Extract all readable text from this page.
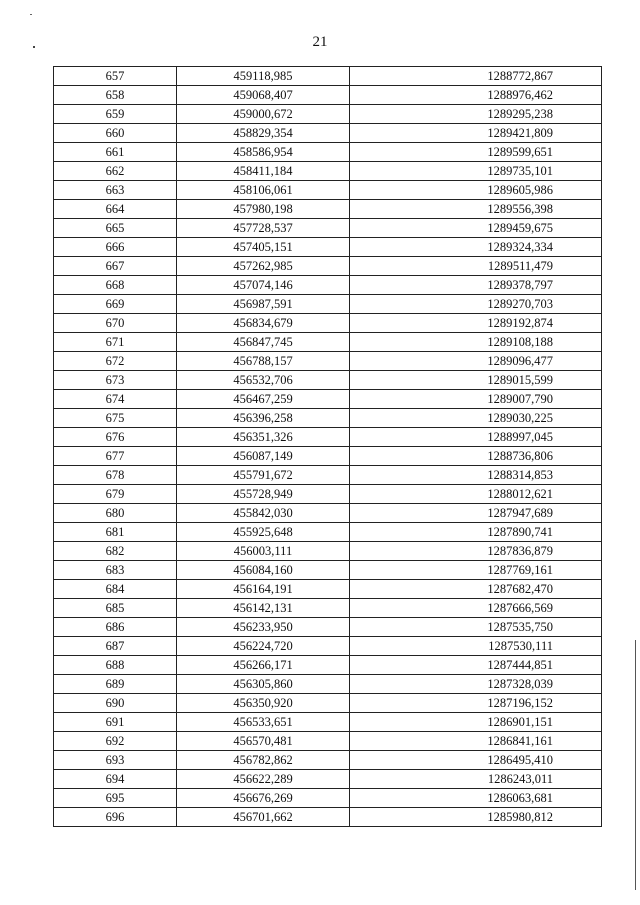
21
657	459118,985	1288772,867
658	459068,407	1288976,462
659	459000,672	1289295,238
660	458829,354	1289421,809
661	458586,954	1289599,651
662	458411,184	1289735,101
663	458106,061	1289605,986
664	457980,198	1289556,398
665	457728,537	1289459,675
666	457405,151	1289324,334
667	457262,985	1289511,479
668	457074,146	1289378,797
669	456987,591	1289270,703
670	456834,679	1289192,874
671	456847,745	1289108,188
672	456788,157	1289096,477
673	456532,706	1289015,599
674	456467,259	1289007,790
675	456396,258	1289030,225
676	456351,326	1288997,045
677	456087,149	1288736,806
678	455791,672	1288314,853
679	455728,949	1288012,621
680	455842,030	1287947,689
681	455925,648	1287890,741
682	456003,111	1287836,879
683	456084,160	1287769,161
684	456164,191	1287682,470
685	456142,131	1287666,569
686	456233,950	1287535,750
687	456224,720	1287530,111
688	456266,171	1287444,851
689	456305,860	1287328,039
690	456350,920	1287196,152
691	456533,651	1286901,151
692	456570,481	1286841,161
693	456782,862	1286495,410
694	456622,289	1286243,011
695	456676,269	1286063,681
696	456701,662	1285980,812
